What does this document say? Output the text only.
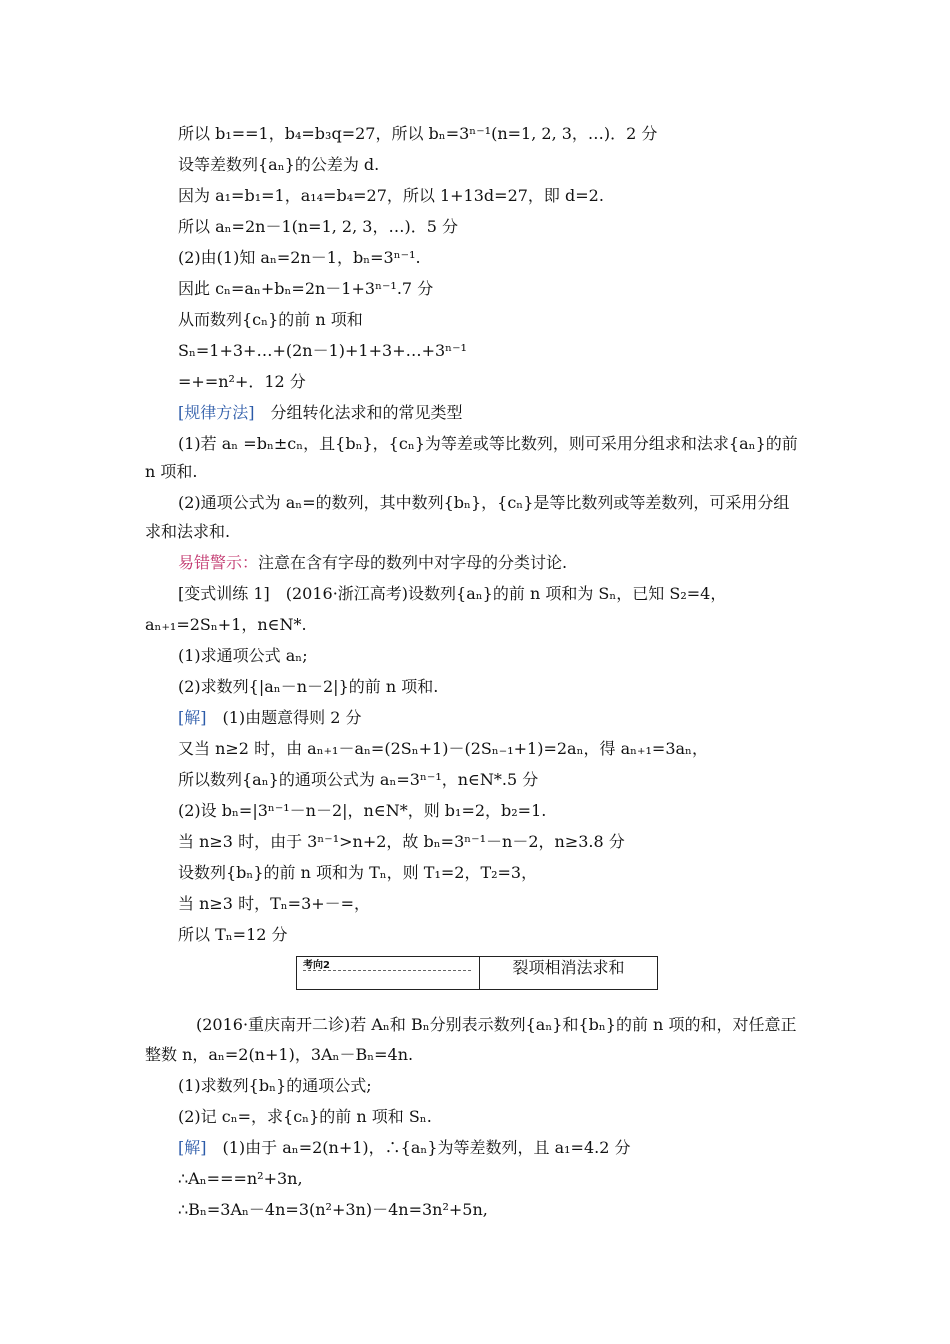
所以 b₁==1，b₄=b₃q=27，所以 bₙ=3ⁿ⁻¹(n=1, 2, 3，…)．2 分
设等差数列{aₙ}的公差为 d.
因为 a₁=b₁=1，a₁₄=b₄=27，所以 1+13d=27，即 d=2.
所以 aₙ=2n－1(n=1, 2, 3，…)．5 分
(2)由(1)知 aₙ=2n－1，bₙ=3ⁿ⁻¹.
因此 cₙ=aₙ+bₙ=2n－1+3ⁿ⁻¹.7 分
从而数列{cₙ}的前 n 项和
Sₙ=1+3+…+(2n－1)+1+3+…+3ⁿ⁻¹
=+=n²+．12 分
[规律方法]　分组转化法求和的常见类型
(1)若 aₙ =bₙ±cₙ，且{bₙ}，{cₙ}为等差或等比数列，则可采用分组求和法求{aₙ}的前
n 项和.
(2)通项公式为 aₙ=的数列，其中数列{bₙ}，{cₙ}是等比数列或等差数列，可采用分组
求和法求和.
易错警示：注意在含有字母的数列中对字母的分类讨论.
[变式训练 1]　(2016·浙江高考)设数列{aₙ}的前 n 项和为 Sₙ，已知 S₂=4，
aₙ₊₁=2Sₙ+1，n∈N*.
(1)求通项公式 aₙ;
(2)求数列{|aₙ－n－2|}的前 n 项和.
[解]　(1)由题意得则 2 分
又当 n≥2 时，由 aₙ₊₁－aₙ=(2Sₙ+1)－(2Sₙ₋₁+1)=2aₙ，得 aₙ₊₁=3aₙ，
所以数列{aₙ}的通项公式为 aₙ=3ⁿ⁻¹，n∈N*.5 分
(2)设 bₙ=|3ⁿ⁻¹－n－2|，n∈N*，则 b₁=2，b₂=1.
当 n≥3 时，由于 3ⁿ⁻¹>n+2，故 bₙ=3ⁿ⁻¹－n－2，n≥3.8 分
设数列{bₙ}的前 n 项和为 Tₙ，则 T₁=2，T₂=3，
当 n≥3 时，Tₙ=3+－=，
所以 Tₙ=12 分
考向2	裂项相消法求和
(2016·重庆南开二诊)若 Aₙ和 Bₙ分别表示数列{aₙ}和{bₙ}的前 n 项的和，对任意正
整数 n，aₙ=2(n+1)，3Aₙ－Bₙ=4n.
(1)求数列{bₙ}的通项公式;
(2)记 cₙ=，求{cₙ}的前 n 项和 Sₙ.
[解]　(1)由于 aₙ=2(n+1)，∴{aₙ}为等差数列，且 a₁=4.2 分
∴Aₙ===n²+3n,
∴Bₙ=3Aₙ－4n=3(n²+3n)－4n=3n²+5n,
